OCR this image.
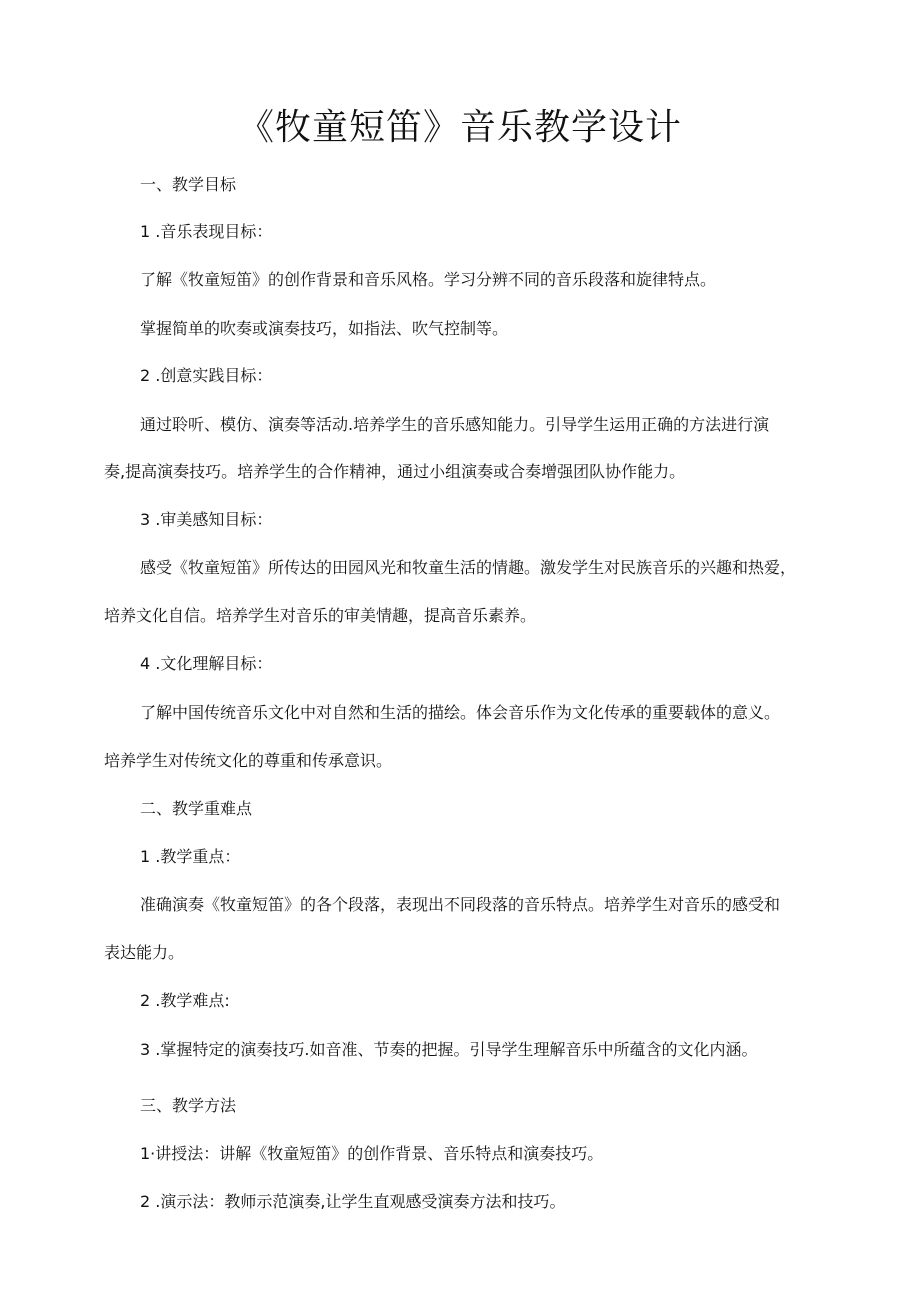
《牧童短笛》音乐教学设计
一、教学目标
1 .音乐表现目标：
了解《牧童短笛》的创作背景和音乐风格。学习分辨不同的音乐段落和旋律特点。
掌握简单的吹奏或演奏技巧，如指法、吹气控制等。
2 .创意实践目标：
通过聆听、模仿、演奏等活动.培养学生的音乐感知能力。引导学生运用正确的方法进行演
奏,提高演奏技巧。培养学生的合作精神，通过小组演奏或合奏增强团队协作能力。
3 .审美感知目标：
感受《牧童短笛》所传达的田园风光和牧童生活的情趣。激发学生对民族音乐的兴趣和热爱，
培养文化自信。培养学生对音乐的审美情趣，提高音乐素养。
4 .文化理解目标：
了解中国传统音乐文化中对自然和生活的描绘。体会音乐作为文化传承的重要载体的意义。
培养学生对传统文化的尊重和传承意识。
二、教学重难点
1 .教学重点：
准确演奏《牧童短笛》的各个段落，表现出不同段落的音乐特点。培养学生对音乐的感受和
表达能力。
2 .教学难点:
3 .掌握特定的演奏技巧.如音准、节奏的把握。引导学生理解音乐中所蕴含的文化内涵。
三、教学方法
1·讲授法：讲解《牧童短笛》的创作背景、音乐特点和演奏技巧。
2 .演示法：教师示范演奏,让学生直观感受演奏方法和技巧。
